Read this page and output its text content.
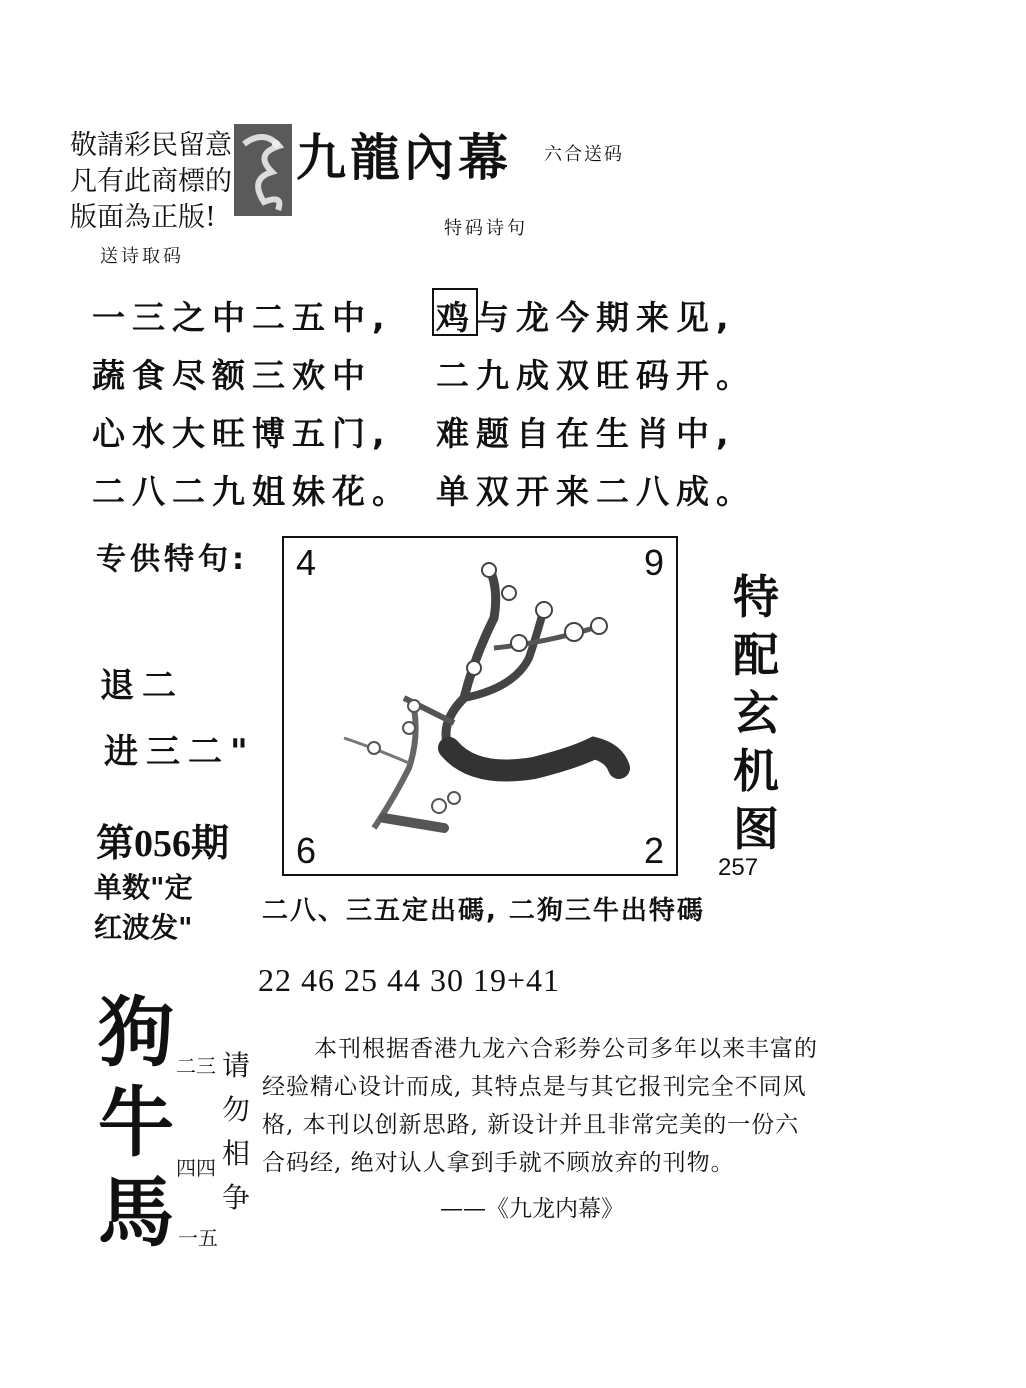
敬請彩民留意
凡有此商標的
版面為正版!
九龍內幕 六合送码
特码诗句
送诗取码
一三之中二五中,
蔬食尽额三欢中
心水大旺博五门,
二八二九姐妹花。
鸡与龙今期来见,
二九成双旺码开。
难题自在生肖中,
单双开来二八成。
专供特句: 4	9
6	2
退二
进三二"
特
配
玄
机
图
257
第056期
单数"定
红波发"	二八、三五定出碼, 二狗三牛出特碼
22 46 25 44 30 19+41
狗
牛
馬
二三
四四
一五
请
勿
相
争
本刊根据香港九龙六合彩券公司多年以来丰富的经验精心设计而成, 其特点是与其它报刊完全不同风格, 本刊以创新思路, 新设计并且非常完美的一份六合码经, 绝对认人拿到手就不顾放弃的刊物。
——《九龙内幕》
